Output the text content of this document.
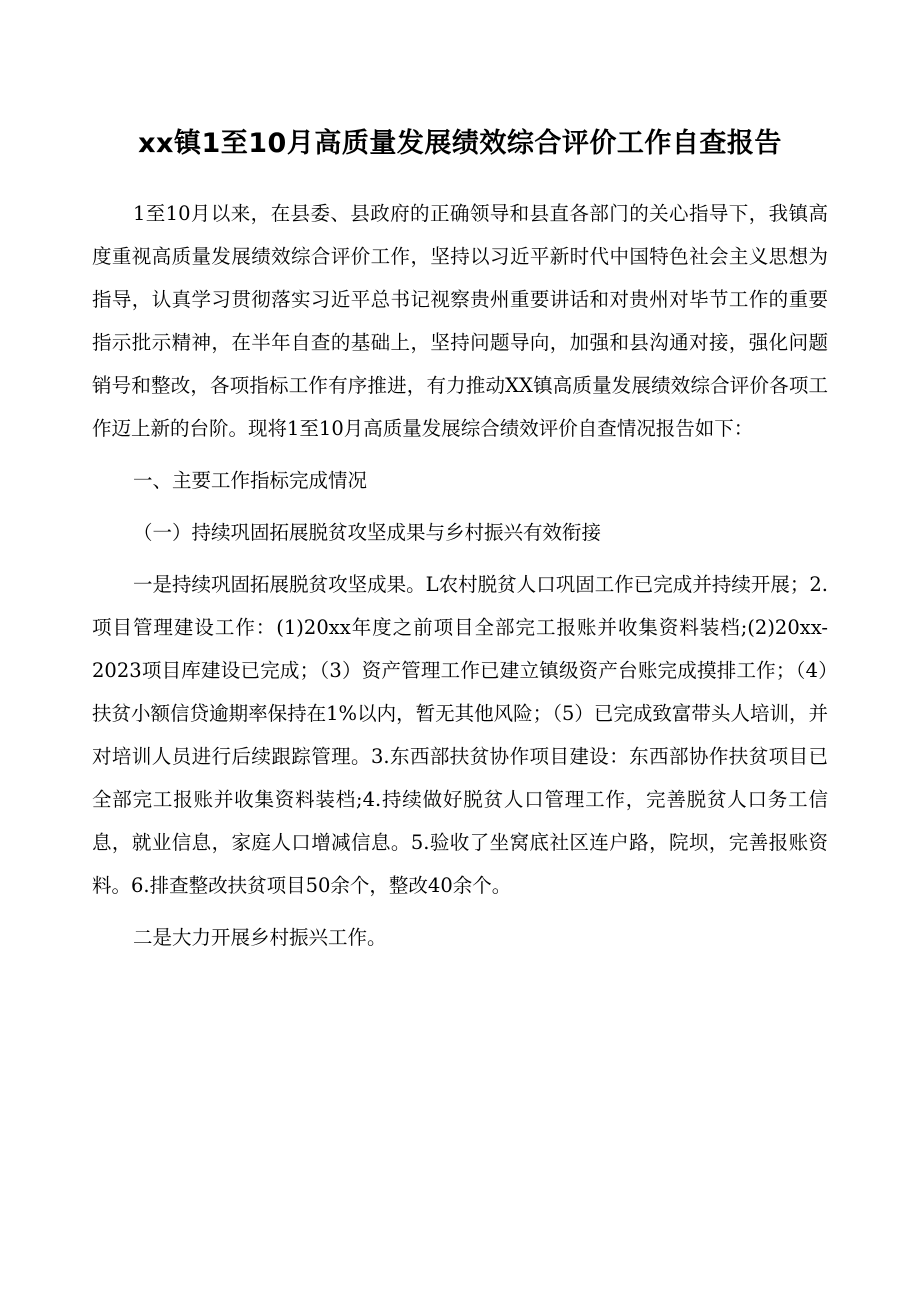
xx镇1至10月高质量发展绩效综合评价工作自查报告

1至10月以来，在县委、县政府的正确领导和县直各部门的关心指导下，我镇高度重视高质量发展绩效综合评价工作，坚持以习近平新时代中国特色社会主义思想为指导，认真学习贯彻落实习近平总书记视察贵州重要讲话和对贵州对毕节工作的重要指示批示精神，在半年自查的基础上，坚持问题导向，加强和县沟通对接，强化问题销号和整改，各项指标工作有序推进，有力推动XX镇高质量发展绩效综合评价各项工作迈上新的台阶。现将1至10月高质量发展综合绩效评价自查情况报告如下：

一、主要工作指标完成情况

（一）持续巩固拓展脱贫攻坚成果与乡村振兴有效衔接

一是持续巩固拓展脱贫攻坚成果。L农村脱贫人口巩固工作已完成并持续开展；2.项目管理建设工作：(1)20xx年度之前项目全部完工报账并收集资料装档;(2)20xx-2023项目库建设已完成；（3）资产管理工作已建立镇级资产台账完成摸排工作；（4）扶贫小额信贷逾期率保持在1%以内，暂无其他风险；（5）已完成致富带头人培训，并对培训人员进行后续跟踪管理。3.东西部扶贫协作项目建设：东西部协作扶贫项目已全部完工报账并收集资料装档;4.持续做好脱贫人口管理工作，完善脱贫人口务工信息，就业信息，家庭人口增减信息。5.验收了坐窝底社区连户路，院坝，完善报账资料。6.排查整改扶贫项目50余个，整改40余个。

二是大力开展乡村振兴工作。
